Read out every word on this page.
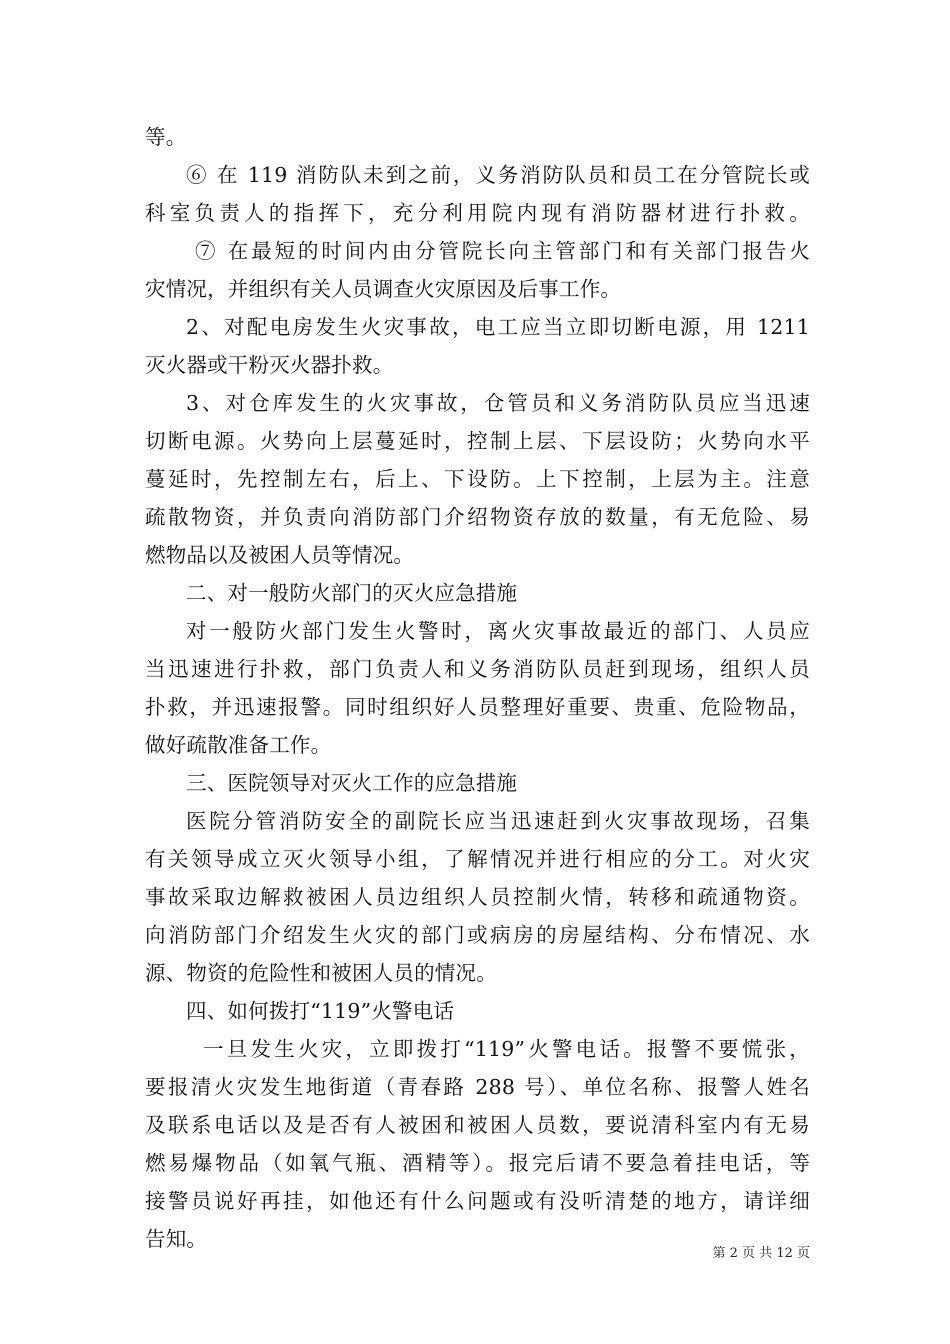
等。
⑥ 在 119 消防队未到之前，义务消防队员和员工在分管院长或
科室负责人的指挥下，充分利用院内现有消防器材进行扑救。
⑦ 在最短的时间内由分管院长向主管部门和有关部门报告火
灾情况，并组织有关人员调查火灾原因及后事工作。
2、对配电房发生火灾事故，电工应当立即切断电源，用 1211
灭火器或干粉灭火器扑救。
3、对仓库发生的火灾事故，仓管员和义务消防队员应当迅速
切断电源。火势向上层蔓延时，控制上层、下层设防；火势向水平
蔓延时，先控制左右，后上、下设防。上下控制，上层为主。注意
疏散物资，并负责向消防部门介绍物资存放的数量，有无危险、易
燃物品以及被困人员等情况。
二、对一般防火部门的灭火应急措施
对一般防火部门发生火警时，离火灾事故最近的部门、人员应
当迅速进行扑救，部门负责人和义务消防队员赶到现场，组织人员
扑救，并迅速报警。同时组织好人员整理好重要、贵重、危险物品，
做好疏散准备工作。
三、医院领导对灭火工作的应急措施
医院分管消防安全的副院长应当迅速赶到火灾事故现场，召集
有关领导成立灭火领导小组，了解情况并进行相应的分工。对火灾
事故采取边解救被困人员边组织人员控制火情，转移和疏通物资。
向消防部门介绍发生火灾的部门或病房的房屋结构、分布情况、水
源、物资的危险性和被困人员的情况。
四、如何拨打“119”火警电话
一旦发生火灾，立即拨打“119”火警电话。报警不要慌张，
要报清火灾发生地街道（青春路 288 号）、单位名称、报警人姓名
及联系电话以及是否有人被困和被困人员数，要说清科室内有无易
燃易爆物品（如氧气瓶、酒精等）。报完后请不要急着挂电话，等
接警员说好再挂，如他还有什么问题或有没听清楚的地方，请详细
告知。
第 2 页 共 12 页
